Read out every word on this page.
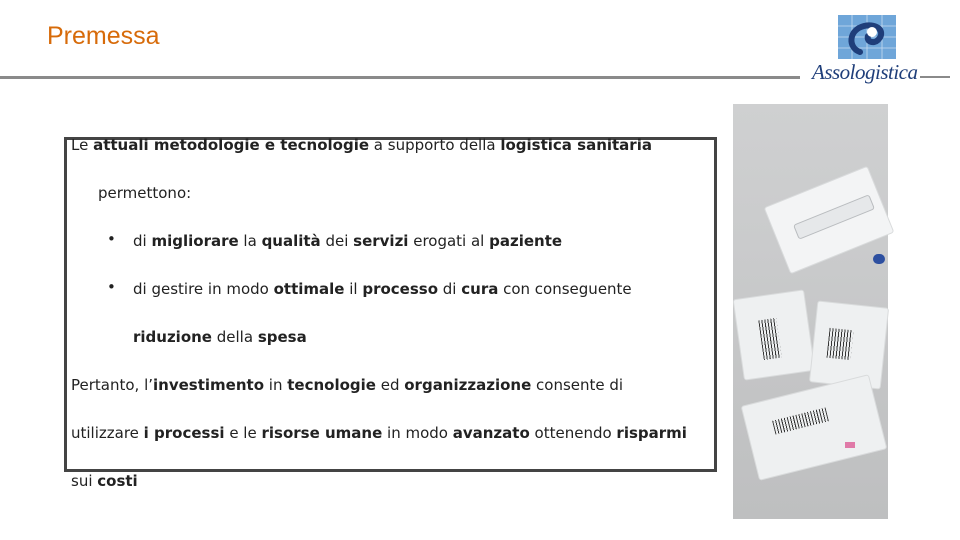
Premessa
Assologistica
Le attuali metodologie e tecnologie a supporto della logistica sanitaria
permettono:
• di migliorare la qualità dei servizi erogati al paziente
• di gestire in modo ottimale il processo di cura con conseguente
riduzione della spesa
Pertanto, l’investimento in tecnologie ed organizzazione consente di
utilizzare i processi e le risorse umane in modo avanzato ottenendo risparmi
sui costi
